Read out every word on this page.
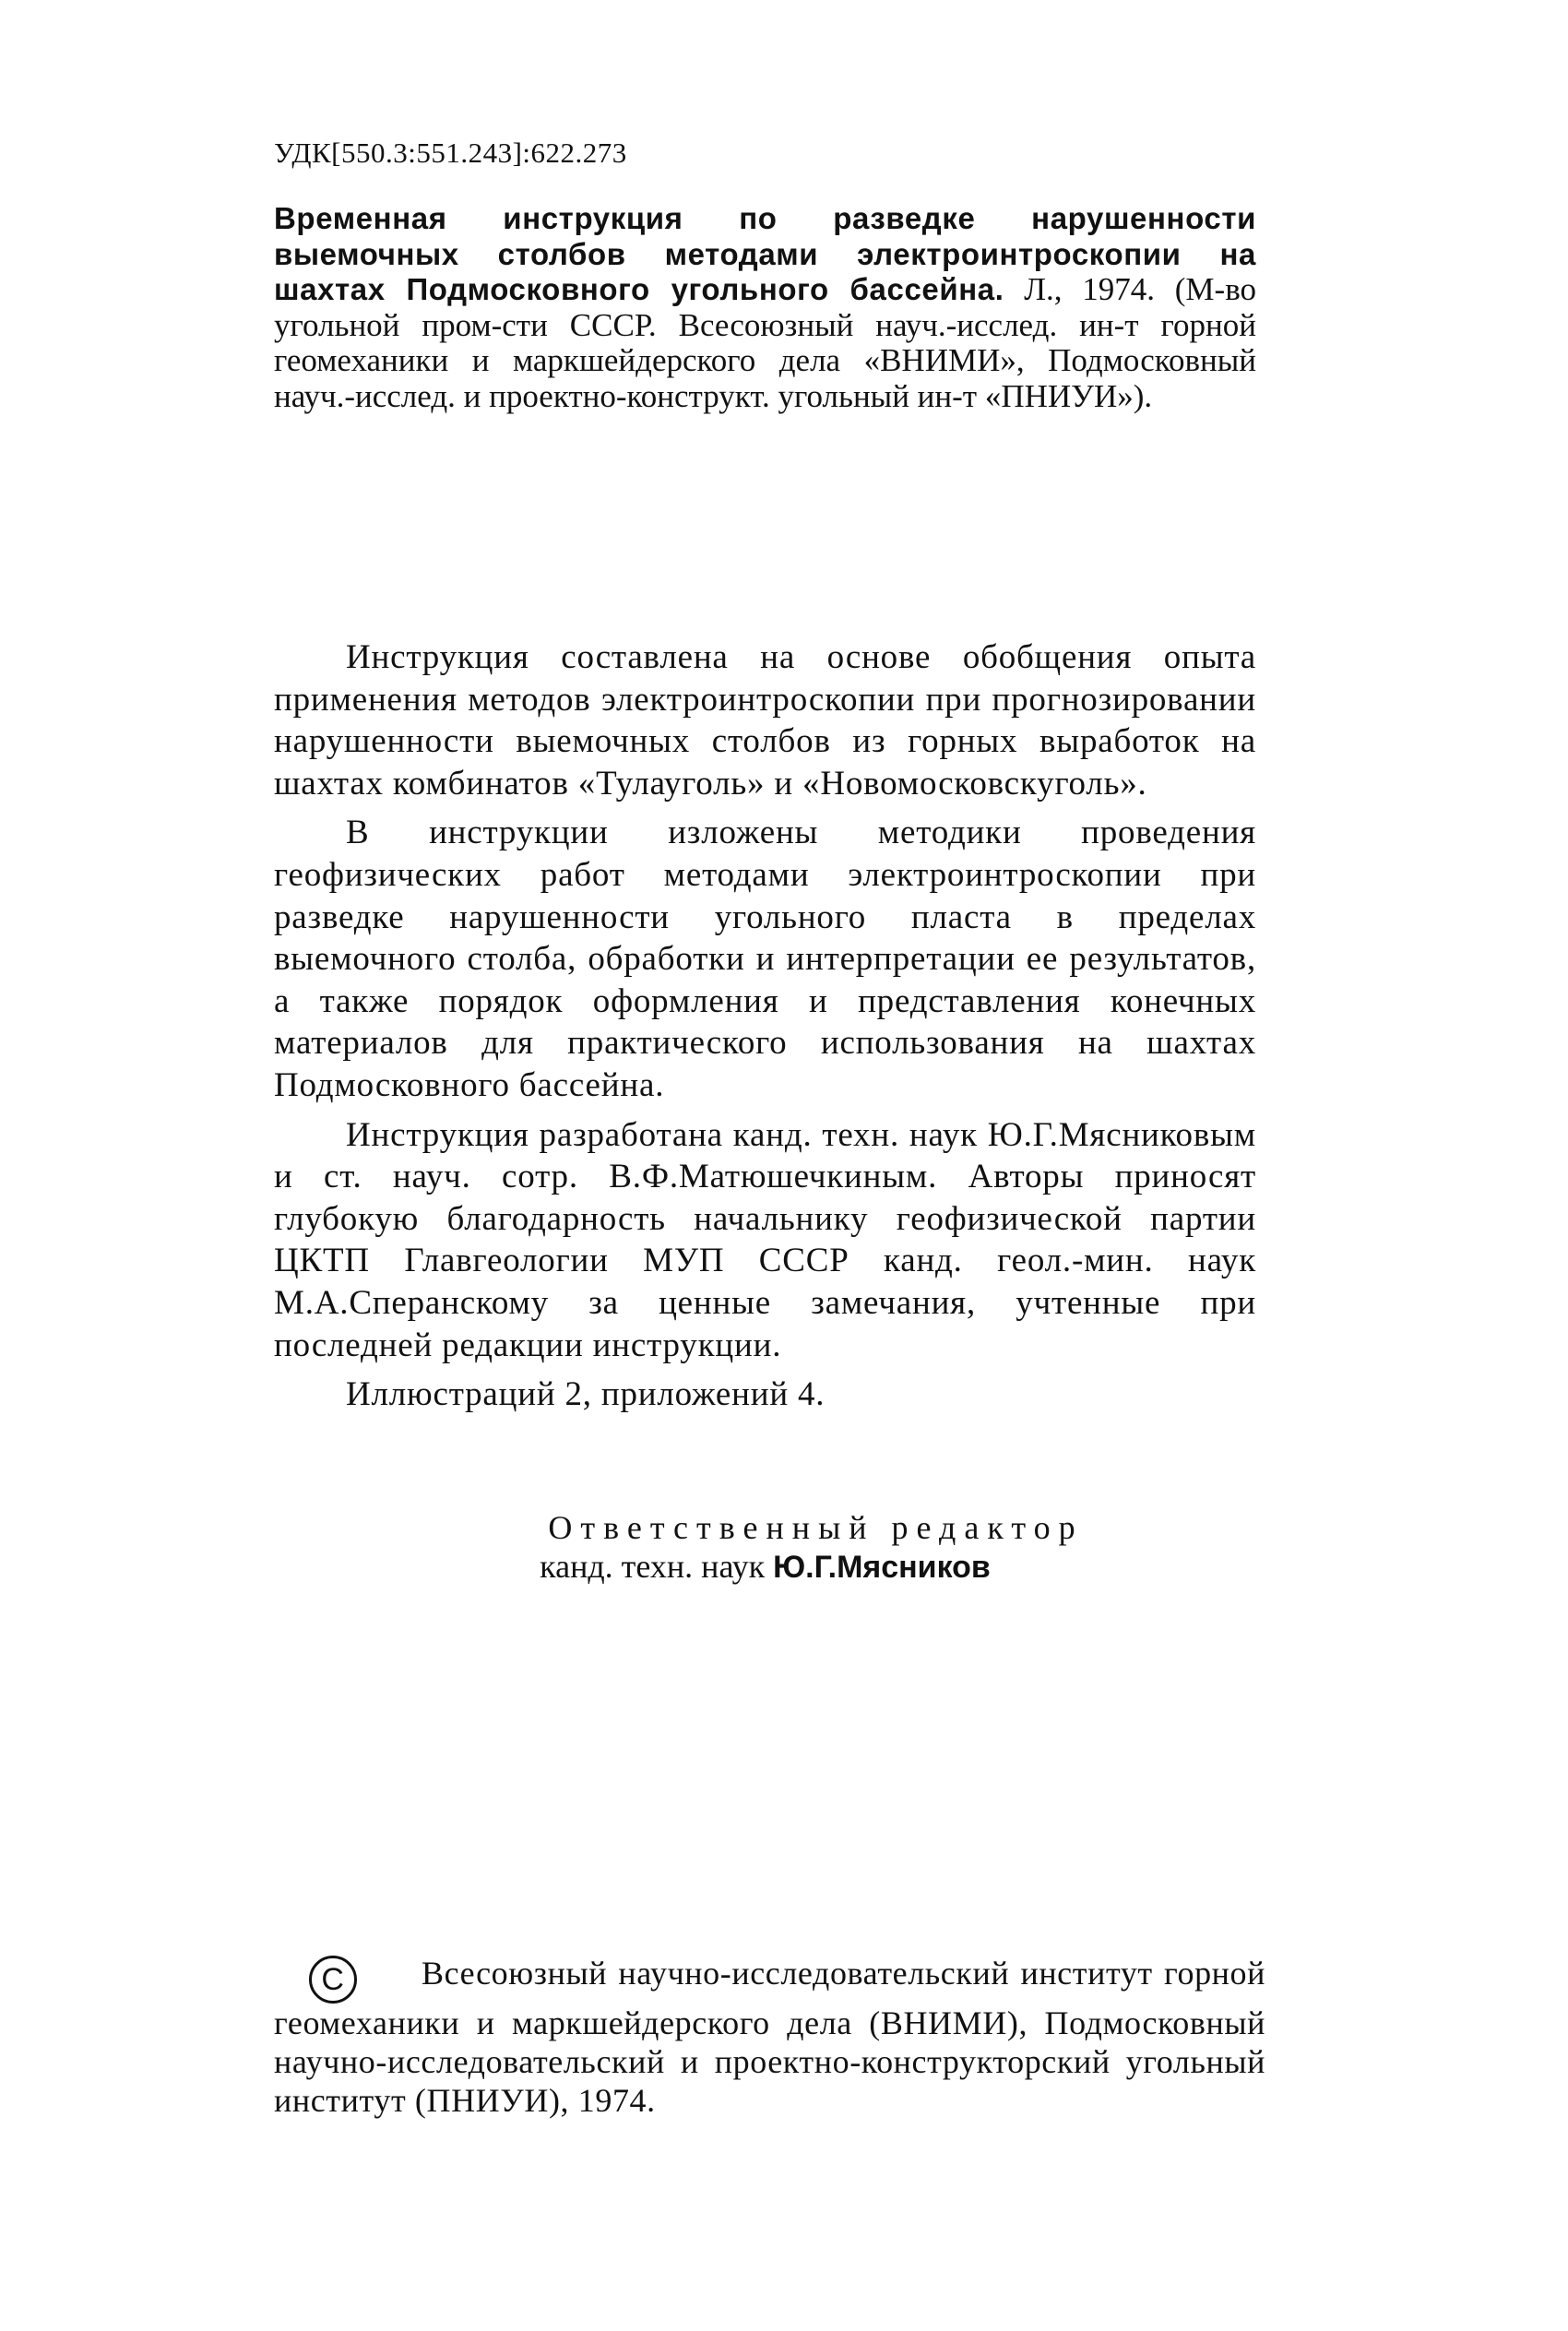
УДК[550.3:551.243]:622.273
Временная инструкция по разведке нарушенности выемочных столбов методами электроинтроскопии на шахтах Подмосковного угольного бассейна. Л., 1974. (М-во угольной пром-сти СССР. Всесоюзный науч.-исслед. ин-т горной геомеханики и маркшейдерского дела «ВНИМИ», Подмосковный науч.-исслед. и проектно-конструкт. угольный ин-т «ПНИУИ»).

Инструкция составлена на основе обобщения опыта применения методов электроинтроскопии при прогнозировании нарушенности выемочных столбов из горных выработок на шахтах комбинатов «Тулауголь» и «Новомосковскуголь».

В инструкции изложены методики проведения геофизических работ методами электроинтроскопии при разведке нарушенности угольного пласта в пределах выемочного столба, обработки и интерпретации ее результатов, а также порядок оформления и представления конечных материалов для практического использования на шахтах Подмосковного бассейна.

Инструкция разработана канд. техн. наук Ю.Г.Мясниковым и ст. науч. сотр. В.Ф.Матюшечкиным. Авторы приносят глубокую благодарность начальнику геофизической партии ЦКТП Главгеологии МУП СССР канд. геол.-мин. наук М.А.Сперанскому за ценные замечания, учтенные при последней редакции инструкции.

Иллюстраций 2, приложений 4.

Ответственный редактор
канд. техн. наук Ю.Г.Мясников
C Всесоюзный научно-исследовательский институт горной геомеханики и маркшейдерского дела (ВНИМИ), Подмосковный научно-исследовательский и проектно-конструкторский угольный институт (ПНИУИ), 1974.
